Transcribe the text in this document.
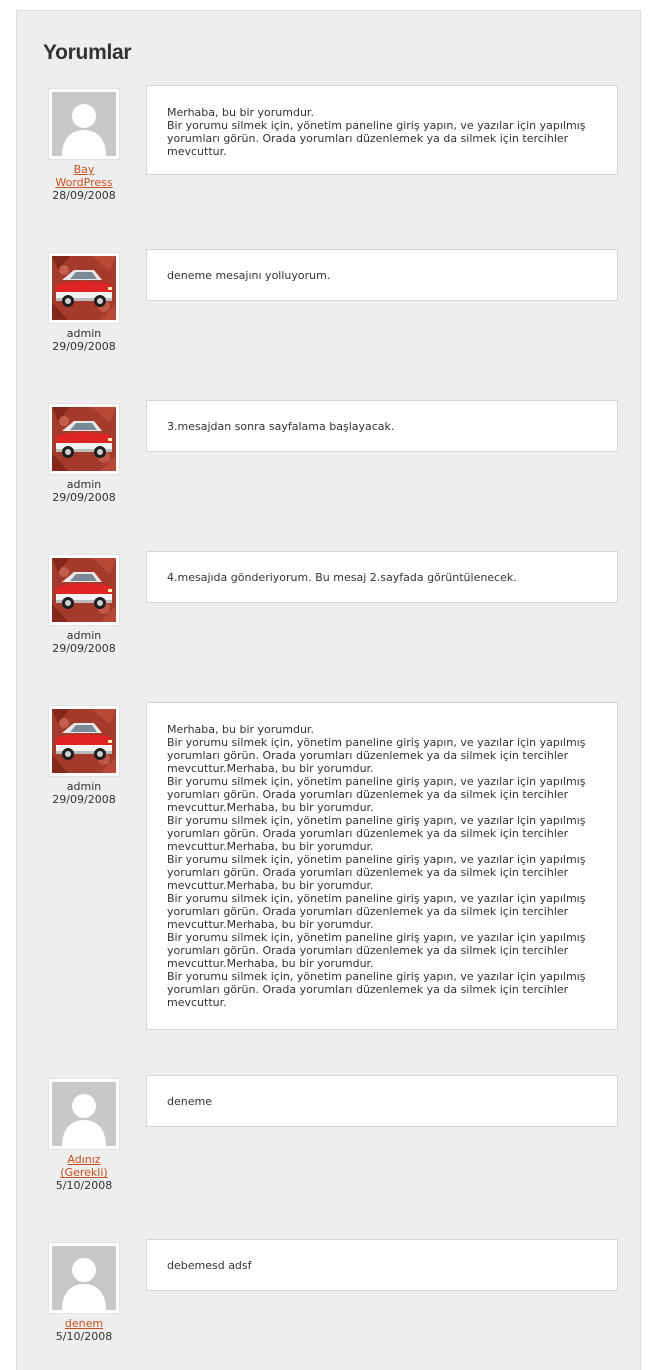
Yorumlar
Bay WordPress
28/09/2008
Merhaba, bu bir yorumdur.
Bir yorumu silmek için, yönetim paneline giriş yapın, ve yazılar için yapılmış yorumları görün. Orada yorumları düzenlemek ya da silmek için tercihler mevcuttur.
admin
29/09/2008
deneme mesajını yolluyorum.
admin
29/09/2008
3.mesajdan sonra sayfalama başlayacak.
admin
29/09/2008
4.mesajıda gönderiyorum. Bu mesaj 2.sayfada görüntülenecek.
admin
29/09/2008
Merhaba, bu bir yorumdur.
Bir yorumu silmek için, yönetim paneline giriş yapın, ve yazılar için yapılmış yorumları görün. Orada yorumları düzenlemek ya da silmek için tercihler mevcuttur.Merhaba, bu bir yorumdur.
Bir yorumu silmek için, yönetim paneline giriş yapın, ve yazılar için yapılmış yorumları görün. Orada yorumları düzenlemek ya da silmek için tercihler mevcuttur.Merhaba, bu bir yorumdur.
Bir yorumu silmek için, yönetim paneline giriş yapın, ve yazılar için yapılmış yorumları görün. Orada yorumları düzenlemek ya da silmek için tercihler mevcuttur.Merhaba, bu bir yorumdur.
Bir yorumu silmek için, yönetim paneline giriş yapın, ve yazılar için yapılmış yorumları görün. Orada yorumları düzenlemek ya da silmek için tercihler mevcuttur.Merhaba, bu bir yorumdur.
Bir yorumu silmek için, yönetim paneline giriş yapın, ve yazılar için yapılmış yorumları görün. Orada yorumları düzenlemek ya da silmek için tercihler mevcuttur.Merhaba, bu bir yorumdur.
Bir yorumu silmek için, yönetim paneline giriş yapın, ve yazılar için yapılmış yorumları görün. Orada yorumları düzenlemek ya da silmek için tercihler mevcuttur.Merhaba, bu bir yorumdur.
Bir yorumu silmek için, yönetim paneline giriş yapın, ve yazılar için yapılmış yorumları görün. Orada yorumları düzenlemek ya da silmek için tercihler mevcuttur.
Adınız (Gerekli)
5/10/2008
deneme
denem
5/10/2008
debemesd adsf
